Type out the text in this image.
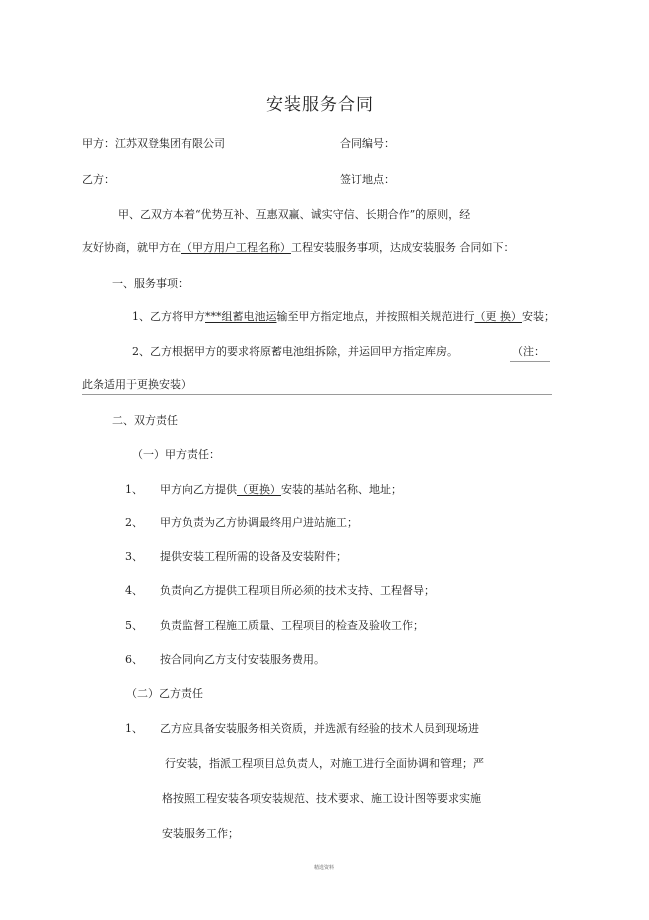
安装服务合同
甲方：江苏双登集团有限公司	合同编号：
乙方：	签订地点：
甲、乙双方本着“优势互补、互惠双赢、诚实守信、长期合作”的原则，经
友好协商，就甲方在（甲方用户工程名称）工程安装服务事项，达成安装服务 合同如下：
一、服务事项：
1、乙方将甲方***组蓄电池运输至甲方指定地点，并按照相关规范进行（更 换）安装；
2、乙方根据甲方的要求将原蓄电池组拆除，并运回甲方指定库房。	（注：
此条适用于更换安装）
二、双方责任
（一）甲方责任：
1、 甲方向乙方提供（更换）安装的基站名称、地址；
2、 甲方负责为乙方协调最终用户进站施工；
3、 提供安装工程所需的设备及安装附件；
4、 负责向乙方提供工程项目所必须的技术支持、工程督导；
5、 负责监督工程施工质量、工程项目的检查及验收工作；
6、 按合同向乙方支付安装服务费用。
（二）乙方责任
1、 乙方应具备安装服务相关资质，并选派有经验的技术人员到现场进
行安装，指派工程项目总负责人，对施工进行全面协调和管理；严
格按照工程安装各项安装规范、技术要求、施工设计图等要求实施
安装服务工作；
精选资料
